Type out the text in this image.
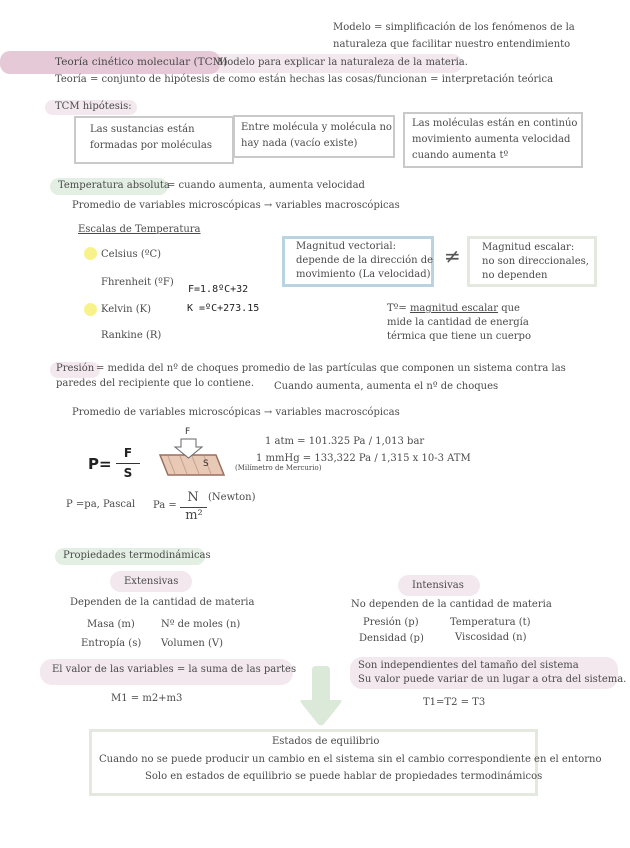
Modelo = simplificación de los fenómenos de la
naturaleza que facilitar nuestro entendimiento
Teoría cinético molecular (TCM)
Modelo para explicar la naturaleza de la materia.
Teoría = conjunto de hipótesis de como están hechas las cosas/funcionan = interpretación teórica
TCM hipótesis:
Las sustancias están
formadas por moléculas
Entre molécula y molécula no
hay nada (vacío existe)
Las moléculas están en continúo
movimiento aumenta velocidad
cuando aumenta tº
Temperatura absoluta
= cuando aumenta, aumenta velocidad
Promedio de variables microscópicas → variables macroscópicas
Escalas de Temperatura
Celsius (ºC)
Fhrenheit (ºF)
F=1.8ºC+32
Kelvin (K)	K =ºC+273.15
Rankine (R)
Magnitud vectorial:
depende de la dirección de
movimiento (La velocidad)
≠ Magnitud escalar:
no son direccionales,
no dependen
Tº= magnitud escalar que
mide la cantidad de energía
térmica que tiene un cuerpo
Presión = medida del nº de choques promedio de las partículas que componen un sistema contra las
paredes del recipiente que lo contiene. Cuando aumenta, aumenta el nº de choques
Promedio de variables microscópicas → variables macroscópicas
P=
F
S
F
S
1 atm = 101.325 Pa / 1,013 bar
1 mmHg = 133,322 Pa / 1,315 x 10-3 ATM
(Milímetro de Mercurio)
P =pa, Pascal Pa =
N
m²
(Newton)
Propiedades termodinámicas
Extensivas
Dependen de la cantidad de materia
Masa (m)	Nº de moles (n)
Entropía (s) Volumen (V)
El valor de las variables = la suma de las partes
M1 = m2+m3
Intensivas
No dependen de la cantidad de materia
Presión (p)	Temperatura (t)
Densidad (p)	Viscosidad (n)
Son independientes del tamaño del sistema
Su valor puede variar de un lugar a otra del sistema.
T1=T2 = T3
Estados de equilibrio
Cuando no se puede producir un cambio en el sistema sin el cambio correspondiente en el entorno
Solo en estados de equilibrio se puede hablar de propiedades termodinámicos
